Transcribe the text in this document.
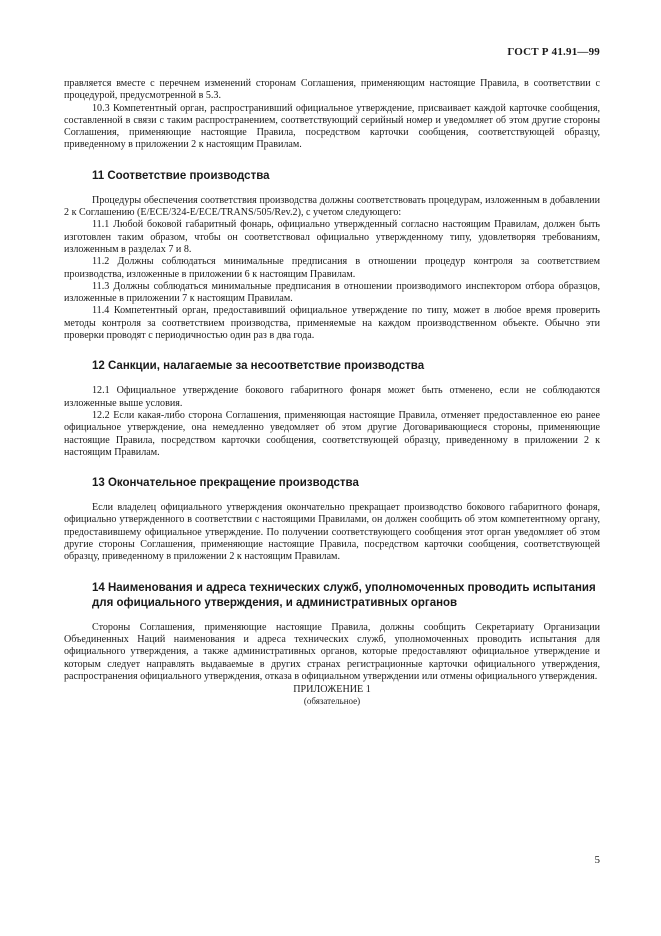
ГОСТ Р 41.91—99

правляется вместе с перечнем изменений сторонам Соглашения, применяющим настоящие Правила, в соответствии с процедурой, предусмотренной в 5.3.

10.3 Компетентный орган, распространивший официальное утверждение, присваивает каждой карточке сообщения, составленной в связи с таким распространением, соответствующий серийный номер и уведомляет об этом другие стороны Соглашения, применяющие настоящие Правила, посредством карточки сообщения, соответствующей образцу, приведенному в приложении 2 к настоящим Правилам.

11 Соответствие производства

Процедуры обеспечения соответствия производства должны соответствовать процедурам, изложенным в добавлении 2 к Соглашению (E/ECE/324-E/ECE/TRANS/505/Rev.2), с учетом следующего:

11.1 Любой боковой габаритный фонарь, официально утвержденный согласно настоящим Правилам, должен быть изготовлен таким образом, чтобы он соответствовал официально утвержденному типу, удовлетворяя требованиям, изложенным в разделах 7 и 8.

11.2 Должны соблюдаться минимальные предписания в отношении процедур контроля за соответствием производства, изложенные в приложении 6 к настоящим Правилам.

11.3 Должны соблюдаться минимальные предписания в отношении производимого инспектором отбора образцов, изложенные в приложении 7 к настоящим Правилам.

11.4 Компетентный орган, предоставивший официальное утверждение по типу, может в любое время проверить методы контроля за соответствием производства, применяемые на каждом производственном объекте. Обычно эти проверки проводят с периодичностью один раз в два года.

12 Санкции, налагаемые за несоответствие производства

12.1 Официальное утверждение бокового габаритного фонаря может быть отменено, если не соблюдаются изложенные выше условия.

12.2 Если какая-либо сторона Соглашения, применяющая настоящие Правила, отменяет предоставленное ею ранее официальное утверждение, она немедленно уведомляет об этом другие Договаривающиеся стороны, применяющие настоящие Правила, посредством карточки сообщения, соответствующей образцу, приведенному в приложении 2 к настоящим Правилам.

13 Окончательное прекращение производства

Если владелец официального утверждения окончательно прекращает производство бокового габаритного фонаря, официально утвержденного в соответствии с настоящими Правилами, он должен сообщить об этом компетентному органу, предоставившему официальное утверждение. По получении соответствующего сообщения этот орган уведомляет об этом другие стороны Соглашения, применяющие настоящие Правила, посредством карточки сообщения, соответствующей образцу, приведенному в приложении 2 к настоящим Правилам.

14 Наименования и адреса технических служб, уполномоченных проводить испытания для официального утверждения, и административных органов

Стороны Соглашения, применяющие настоящие Правила, должны сообщить Секретариату Организации Объединенных Наций наименования и адреса технических служб, уполномоченных проводить испытания для официального утверждения, а также административных органов, которые предоставляют официальное утверждение и которым следует направлять выдаваемые в других странах регистрационные карточки официального утверждения, распространения официального утверждения, отказа в официальном утверждении или отмены официального утверждения.

ПРИЛОЖЕНИЕ 1
(обязательное)
5
